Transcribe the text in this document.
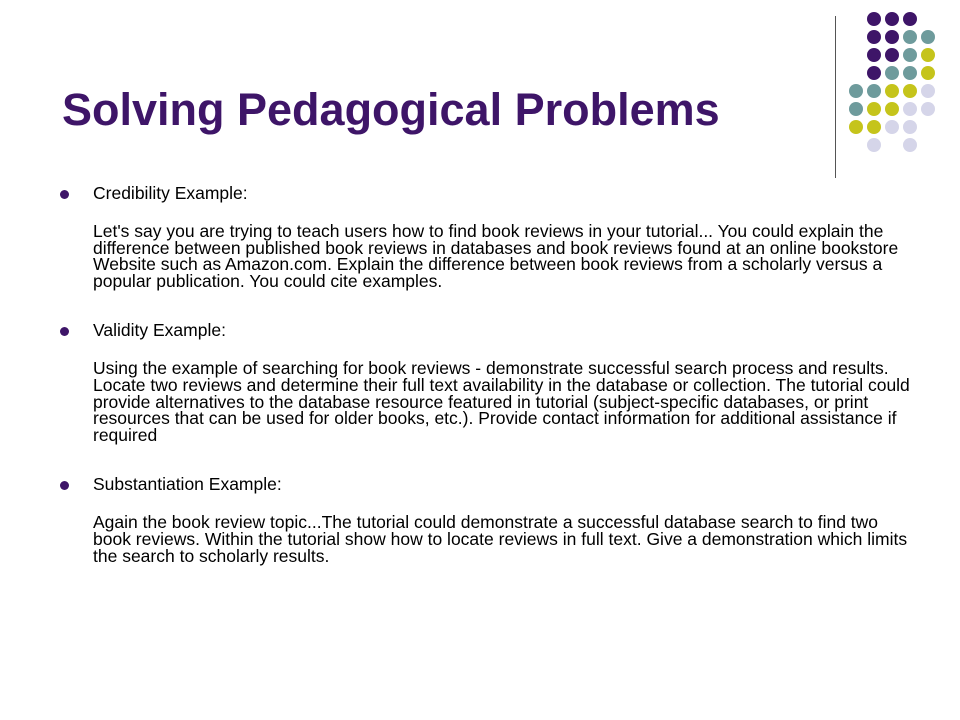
Solving Pedagogical Problems
Credibility Example:

Let's say you are trying to teach users how to find book reviews in your tutorial... You could explain the difference between published book reviews in databases and book reviews found at an online bookstore Website such as Amazon.com. Explain the difference between book reviews from a scholarly versus a popular publication. You could cite examples.

Validity Example:

Using the example of searching for book reviews - demonstrate successful search process and results. Locate two reviews and determine their full text availability in the database or collection. The tutorial could provide alternatives to the database resource featured in tutorial (subject-specific databases, or print resources that can be used for older books, etc.). Provide contact information for additional assistance if required

Substantiation Example:

Again the book review topic...The tutorial could demonstrate a successful database search to find two book reviews. Within the tutorial show how to locate reviews in full text. Give a demonstration which limits the search to scholarly results.
